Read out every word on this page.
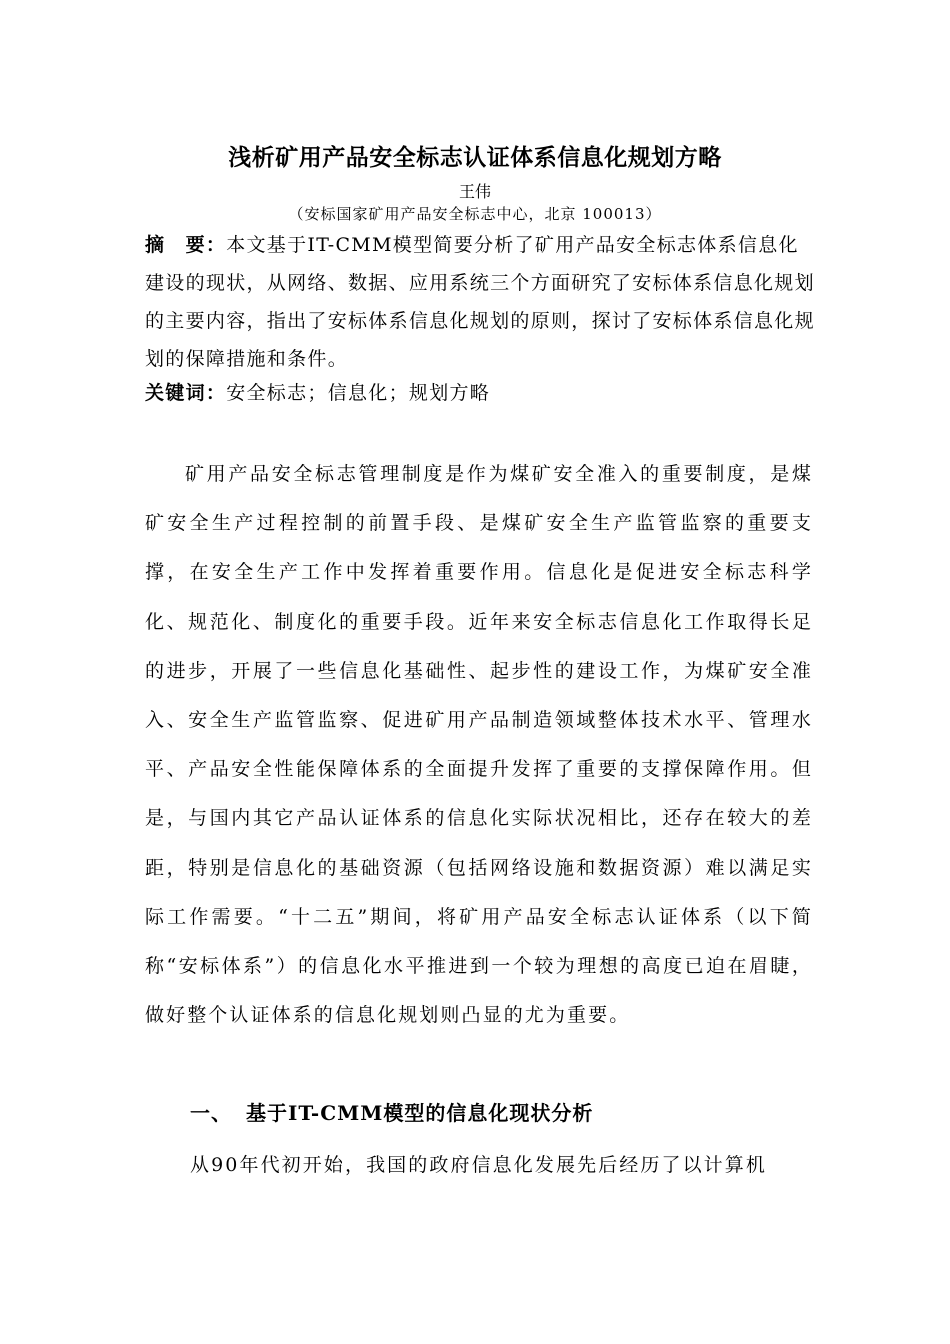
浅析矿用产品安全标志认证体系信息化规划方略
王伟
（安标国家矿用产品安全标志中心，北京 100013）
摘　要：本文基于IT-CMM模型简要分析了矿用产品安全标志体系信息化建设的现状，从网络、数据、应用系统三个方面研究了安标体系信息化规划的主要内容，指出了安标体系信息化规划的原则，探讨了安标体系信息化规划的保障措施和条件。
关键词：安全标志；信息化；规划方略
矿用产品安全标志管理制度是作为煤矿安全准入的重要制度，是煤矿安全生产过程控制的前置手段、是煤矿安全生产监管监察的重要支撑，在安全生产工作中发挥着重要作用。信息化是促进安全标志科学化、规范化、制度化的重要手段。近年来安全标志信息化工作取得长足的进步，开展了一些信息化基础性、起步性的建设工作，为煤矿安全准入、安全生产监管监察、促进矿用产品制造领域整体技术水平、管理水平、产品安全性能保障体系的全面提升发挥了重要的支撑保障作用。但是，与国内其它产品认证体系的信息化实际状况相比，还存在较大的差距，特别是信息化的基础资源（包括网络设施和数据资源）难以满足实际工作需要。“十二五”期间，将矿用产品安全标志认证体系（以下简称“安标体系”）的信息化水平推进到一个较为理想的高度已迫在眉睫，做好整个认证体系的信息化规划则凸显的尤为重要。
一、 基于IT-CMM模型的信息化现状分析
从90年代初开始，我国的政府信息化发展先后经历了以计算机
